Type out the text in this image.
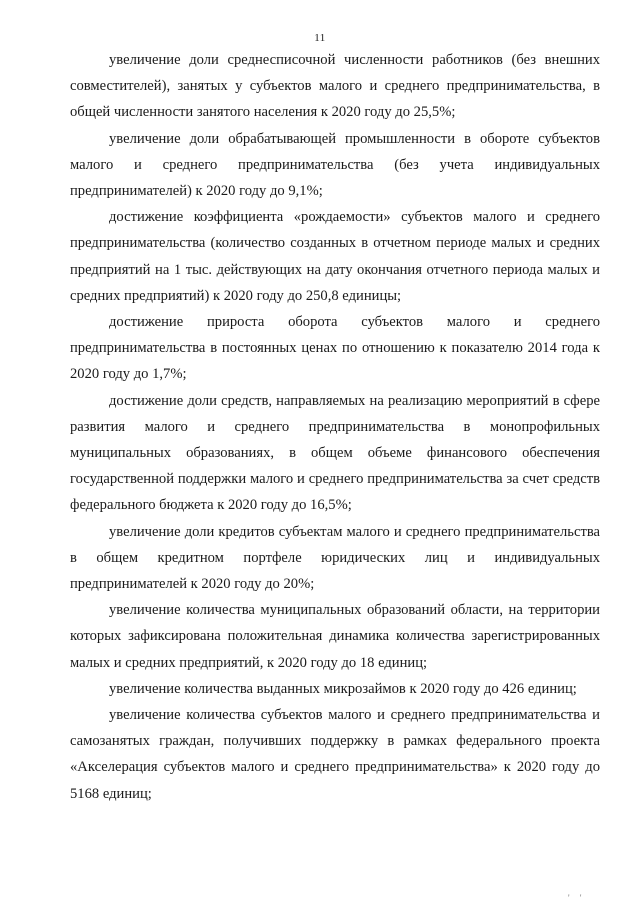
11

увеличение доли среднесписочной численности работников (без внешних совместителей), занятых у субъектов малого и среднего предпринимательства, в общей численности занятого населения к 2020 году до 25,5%;

увеличение доли обрабатывающей промышленности в обороте субъектов малого и среднего предпринимательства (без учета индивидуальных предпринимателей) к 2020 году до 9,1%;

достижение коэффициента «рождаемости» субъектов малого и среднего предпринимательства (количество созданных в отчетном периоде малых и средних предприятий на 1 тыс. действующих на дату окончания отчетного периода малых и средних предприятий) к 2020 году до 250,8 единицы;

достижение прироста оборота субъектов малого и среднего предпринимательства в постоянных ценах по отношению к показателю 2014 года к 2020 году до 1,7%;

достижение доли средств, направляемых на реализацию мероприятий в сфере развития малого и среднего предпринимательства в монопрофильных муниципальных образованиях, в общем объеме финансового обеспечения государственной поддержки малого и среднего предпринимательства за счет средств федерального бюджета к 2020 году до 16,5%;

увеличение доли кредитов субъектам малого и среднего предпринимательства в общем кредитном портфеле юридических лиц и индивидуальных предпринимателей к 2020 году до 20%;

увеличение количества муниципальных образований области, на территории которых зафиксирована положительная динамика количества зарегистрированных малых и средних предприятий, к 2020 году до 18 единиц;

увеличение количества выданных микрозаймов к 2020 году до 426 единиц;

увеличение количества субъектов малого и среднего предпринимательства и самозанятых граждан, получивших поддержку в рамках федерального проекта «Акселерация субъектов малого и среднего предпринимательства» к 2020 году до 5168 единиц;

' '
